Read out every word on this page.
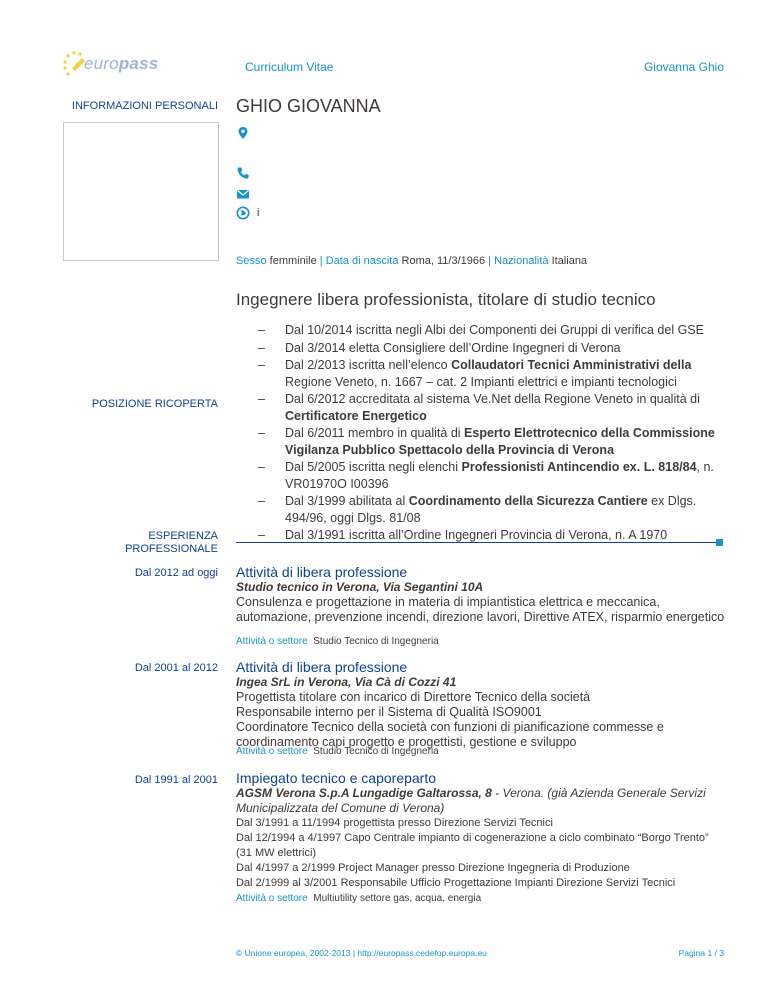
europass	Curriculum Vitae	Giovanna Ghio
INFORMAZIONI PERSONALI GHIO GIOVANNA
i
Sesso femminile | Data di nascita Roma, 11/3/1966 | Nazionalità Italiana
Ingegnere libera professionista, titolare di studio tecnico
POSIZIONE RICOPERTA
– Dal 10/2014 iscritta negli Albi dei Componenti dei Gruppi di verifica del GSE
– Dal 3/2014 eletta Consigliere dell’Ordine Ingegneri di Verona
– Dal 2/2013 iscritta nell’elenco Collaudatori Tecnici Amministrativi della Regione Veneto, n. 1667 – cat. 2 Impianti elettrici e impianti tecnologici
– Dal 6/2012 accreditata al sistema Ve.Net della Regione Veneto in qualità di Certificatore Energetico
– Dal 6/2011 membro in qualità di Esperto Elettrotecnico della Commissione Vigilanza Pubblico Spettacolo della Provincia di Verona
– Dal 5/2005 iscritta negli elenchi Professionisti Antincendio ex. L. 818/84, n. VR01970O I00396
– Dal 3/1999 abilitata al Coordinamento della Sicurezza Cantiere ex Dlgs. 494/96, oggi Dlgs. 81/08
– Dal 3/1991 iscritta all’Ordine Ingegneri Provincia di Verona, n. A 1970
ESPERIENZA
PROFESSIONALE
Dal 2012 ad oggi Attività di libera professione
Studio tecnico in Verona, Via Segantini 10A
Consulenza e progettazione in materia di impiantistica elettrica e meccanica, automazione, prevenzione incendi, direzione lavori, Direttive ATEX, risparmio energetico
Attività o settore Studio Tecnico di Ingegneria
Dal 2001 al 2012 Attività di libera professione
Ingea SrL in Verona, Via Cà di Cozzi 41
Progettista titolare con incarico di Direttore Tecnico della società
Responsabile interno per il Sistema di Qualità ISO9001
Coordinatore Tecnico della società con funzioni di pianificazione commesse e coordinamento capi progetto e progettisti, gestione e sviluppo
Attività o settore Studio Tecnico di Ingegneria
Dal 1991 al 2001 Impiegato tecnico e caporeparto
AGSM Verona S.p.A Lungadige Galtarossa, 8 - Verona. (già Azienda Generale Servizi Municipalizzata del Comune di Verona)
Dal 3/1991 a 11/1994 progettista presso Direzione Servizi Tecnici
Dal 12/1994 a 4/1997 Capo Centrale impianto di cogenerazione a ciclo combinato “Borgo Trento” (31 MW elettrici)
Dal 4/1997 a 2/1999 Project Manager presso Direzione Ingegneria di Produzione
Dal 2/1999 al 3/2001 Responsabile Ufficio Progettazione Impianti Direzione Servizi Tecnici
Attività o settore Multiutility settore gas, acqua, energia
© Unione europea, 2002-2013 | http://europass.cedefop.europa.eu	Pagina 1 / 3
